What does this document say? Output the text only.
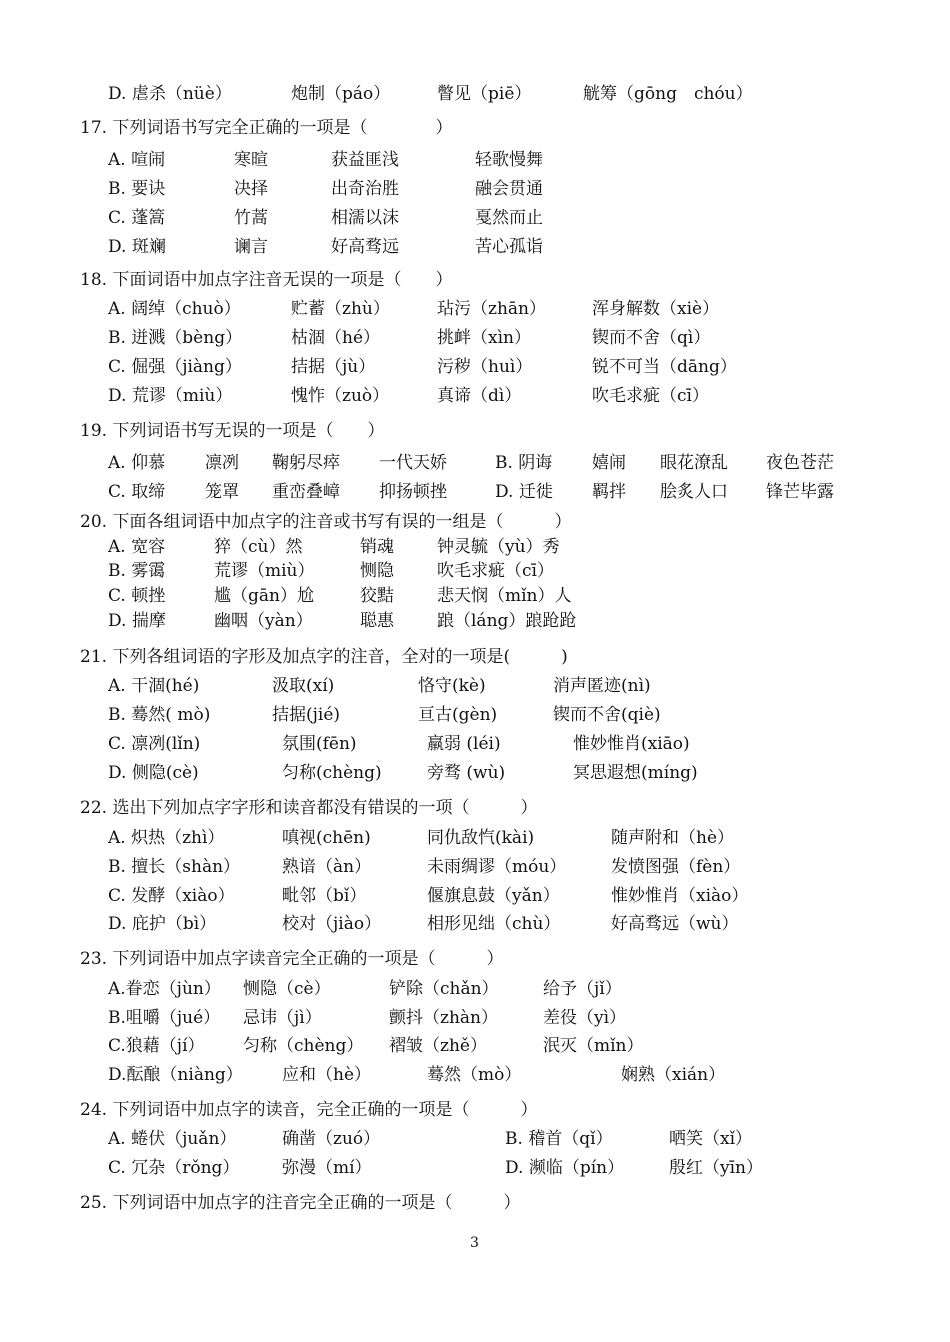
D. 虐杀（nüè）	炮制（páo）	瞥见（piē）	觥筹（gōng　chóu）
17. 下列词语书写完全正确的一项是（　　　　）
A. 喧闹	寒暄	获益匪浅	轻歌慢舞
B. 要诀	决择	出奇治胜	融会贯通
C. 蓬篙	竹蒿	相濡以沫	戛然而止
D. 斑斓	谰言	好高骛远	苦心孤诣
18. 下面词语中加点字注音无误的一项是（　　）
A. 阔绰（chuò）	贮蓄（zhù）	玷污（zhān）	浑身解数（xiè）
B. 迸溅（bèng）	枯涸（hé）	挑衅（xìn）	锲而不舍（qì）
C. 倔强（jiàng）	拮据（jù）	污秽（huì）	锐不可当（dāng）
D. 荒谬（miù）	愧怍（zuò）	真谛（dì）	吹毛求疵（cī）
19. 下列词语书写无误的一项是（　　）
A. 仰慕 凛冽 鞠躬尽瘁 一代天娇	B. 阴诲 嬉闹 眼花潦乱 夜色苍茫
C. 取缔 笼罩 重峦叠嶂 抑扬顿挫	D. 迁徙 羁拌 脍炙人口 锋芒毕露
20. 下面各组词语中加点字的注音或书写有误的一组是（　　　）
A. 宽容	猝（cù）然	销魂	钟灵毓（yù）秀
B. 雾霭	荒谬（miù）	恻隐	吹毛求疵（cī）
C. 顿挫	尴（gān）尬	狡黠	悲天悯（mǐn）人
D. 揣摩	幽咽（yàn）	聪惠	踉（láng）踉跄跄
21. 下列各组词语的字形及加点字的注音，全对的一项是(　　　)
A. 干涸(hé)	汲取(xí)	恪守(kè)	消声匿迹(nì)
B. 蓦然( mò)	拮据(jié)	亘古(gèn)	锲而不舍(qiè)
C. 凛冽(lǐn)	氛围(fēn)	羸弱 (léi)	惟妙惟肖(xiāo)
D. 侧隐(cè)	匀称(chèng)	旁骛 (wù)	冥思遐想(míng)
22. 选出下列加点字字形和读音都没有错误的一项（　　　）
A. 炽热（zhì）	嗔视(chēn)	同仇敌忾(kài)	随声附和（hè）
B. 擅长（shàn） 熟谙（àn）	未雨绸谬（móu）	发愤图强（fèn）
C. 发酵（xiào）	毗邻（bǐ）	偃旗息鼓（yǎn）	惟妙惟肖（xiào）
D. 庇护（bì）	校对（jiào）	相形见绌（chù）	好高骛远（wù）
23. 下列词语中加点字读音完全正确的一项是（　　　）
A.眷恋（jùn） 恻隐（cè）	铲除（chǎn）	给予（jǐ）
B.咀嚼（jué） 忌讳（jì）	颤抖（zhàn）	差役（yì）
C.狼藉（jí） 匀称（chèng） 褶皱（zhě）	泯灭（mǐn）
D.酝酿（niàng） 应和（hè）	蓦然（mò）	娴熟（xián）
24. 下列词语中加点字的读音，完全正确的一项是（　　　）
A. 蜷伏（juǎn）	确凿（zuó）	B. 稽首（qǐ）	哂笑（xǐ）
C. 冗杂（rǒng）	弥漫（mí）	D. 濒临（pín）	殷红（yīn）
25. 下列词语中加点字的注音完全正确的一项是（　　　）
3
